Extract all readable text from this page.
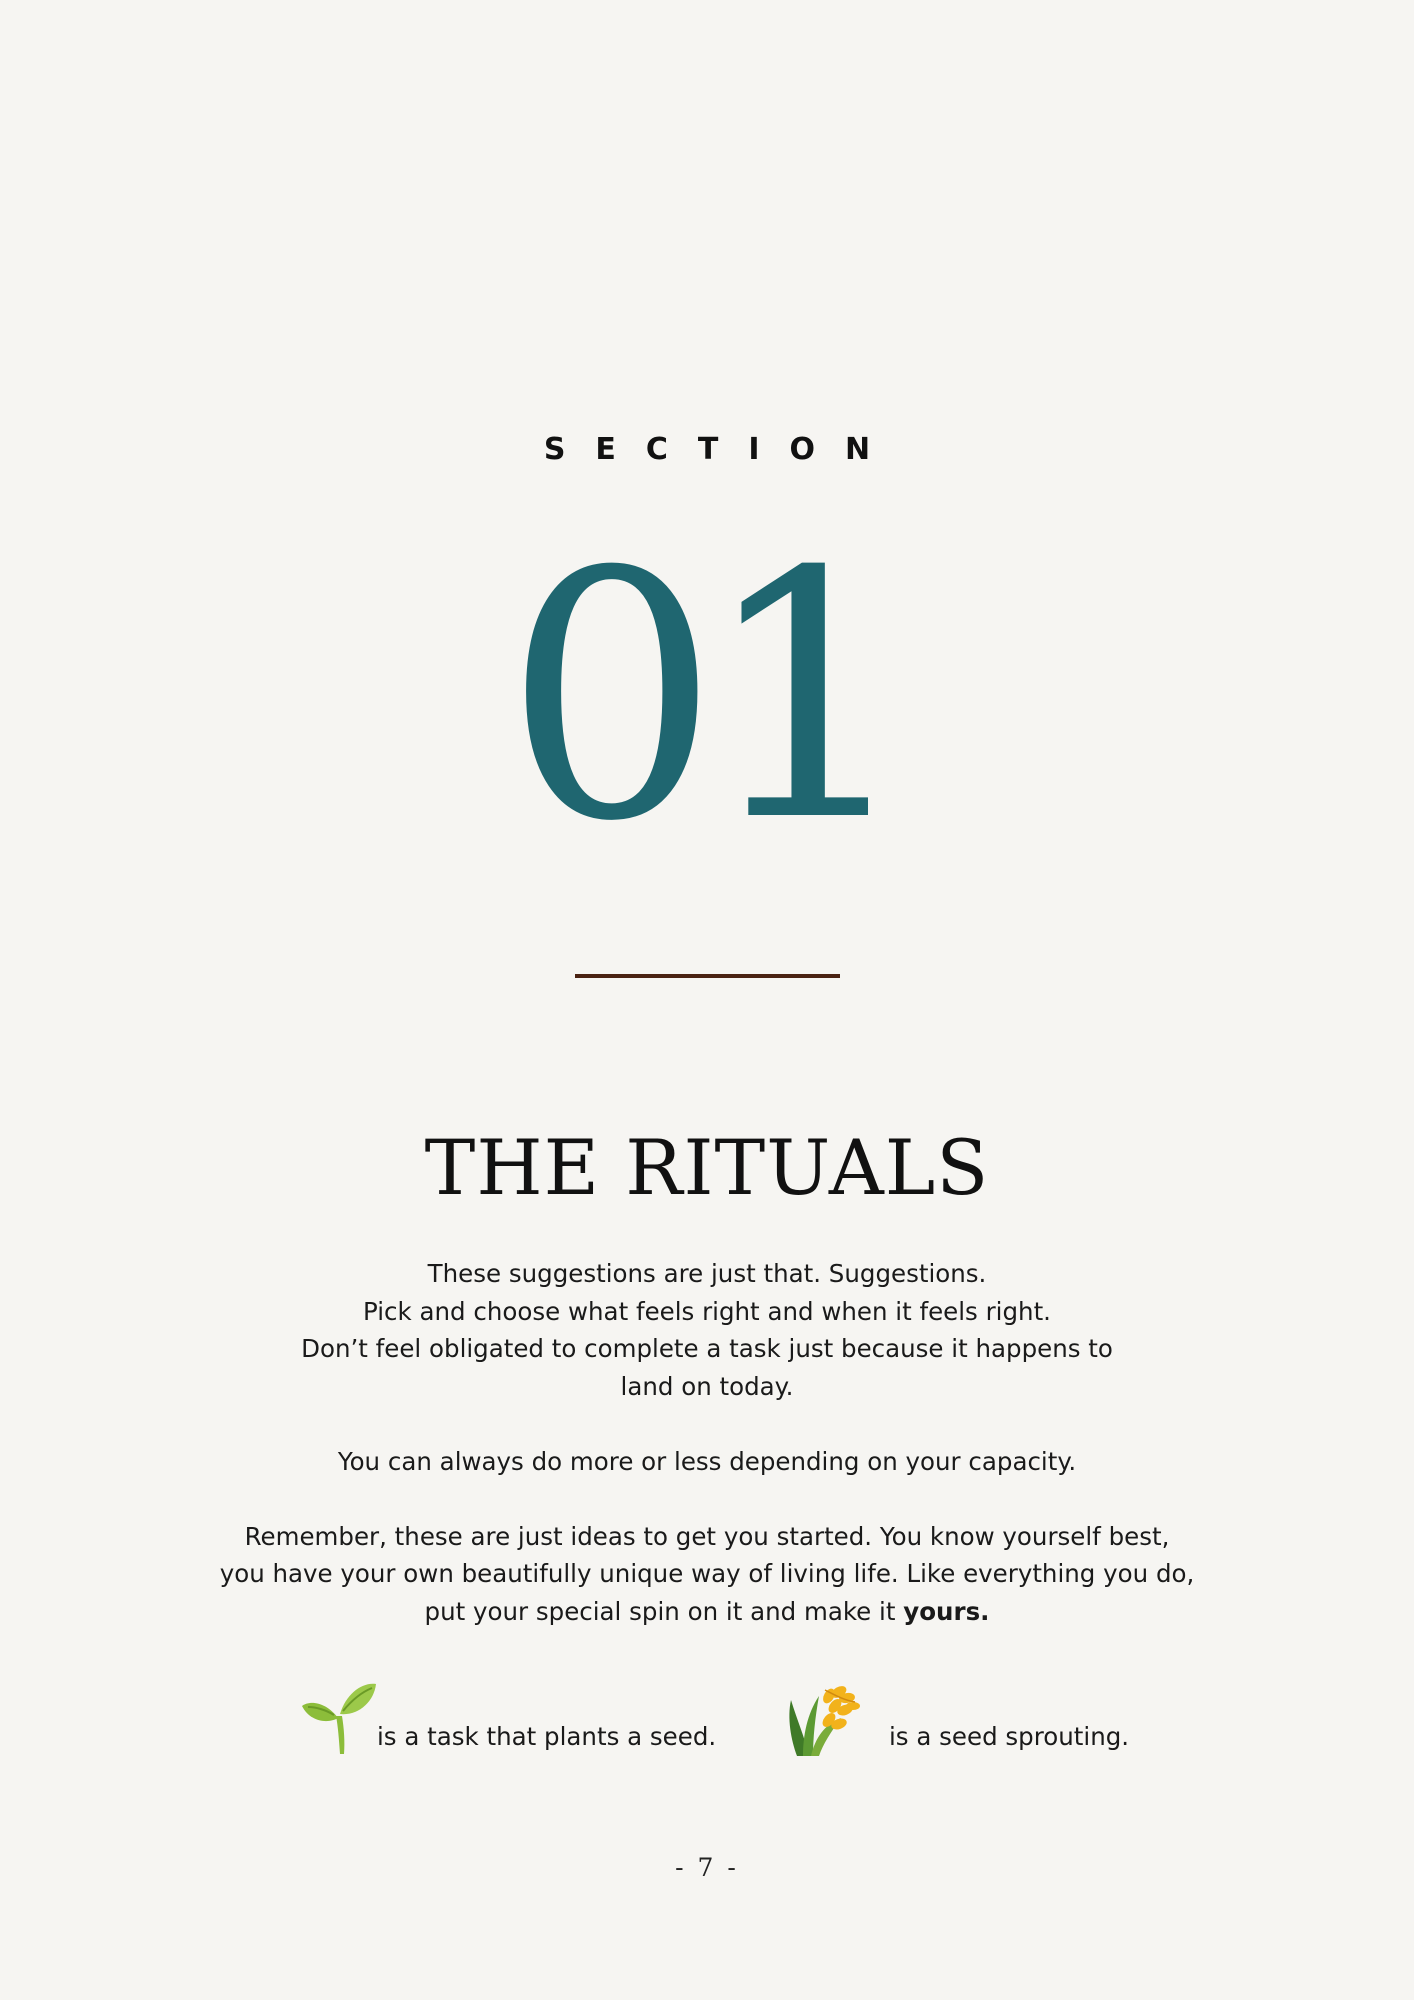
SECTION
01
THE RITUALS

These suggestions are just that. Suggestions.
Pick and choose what feels right and when it feels right.
Don’t feel obligated to complete a task just because it happens to
land on today.

You can always do more or less depending on your capacity.

Remember, these are just ideas to get you started. You know yourself best,
you have your own beautifully unique way of living life. Like everything you do,
put your special spin on it and make it yours.

is a task that plants a seed.	is a seed sprouting.
- 7 -
